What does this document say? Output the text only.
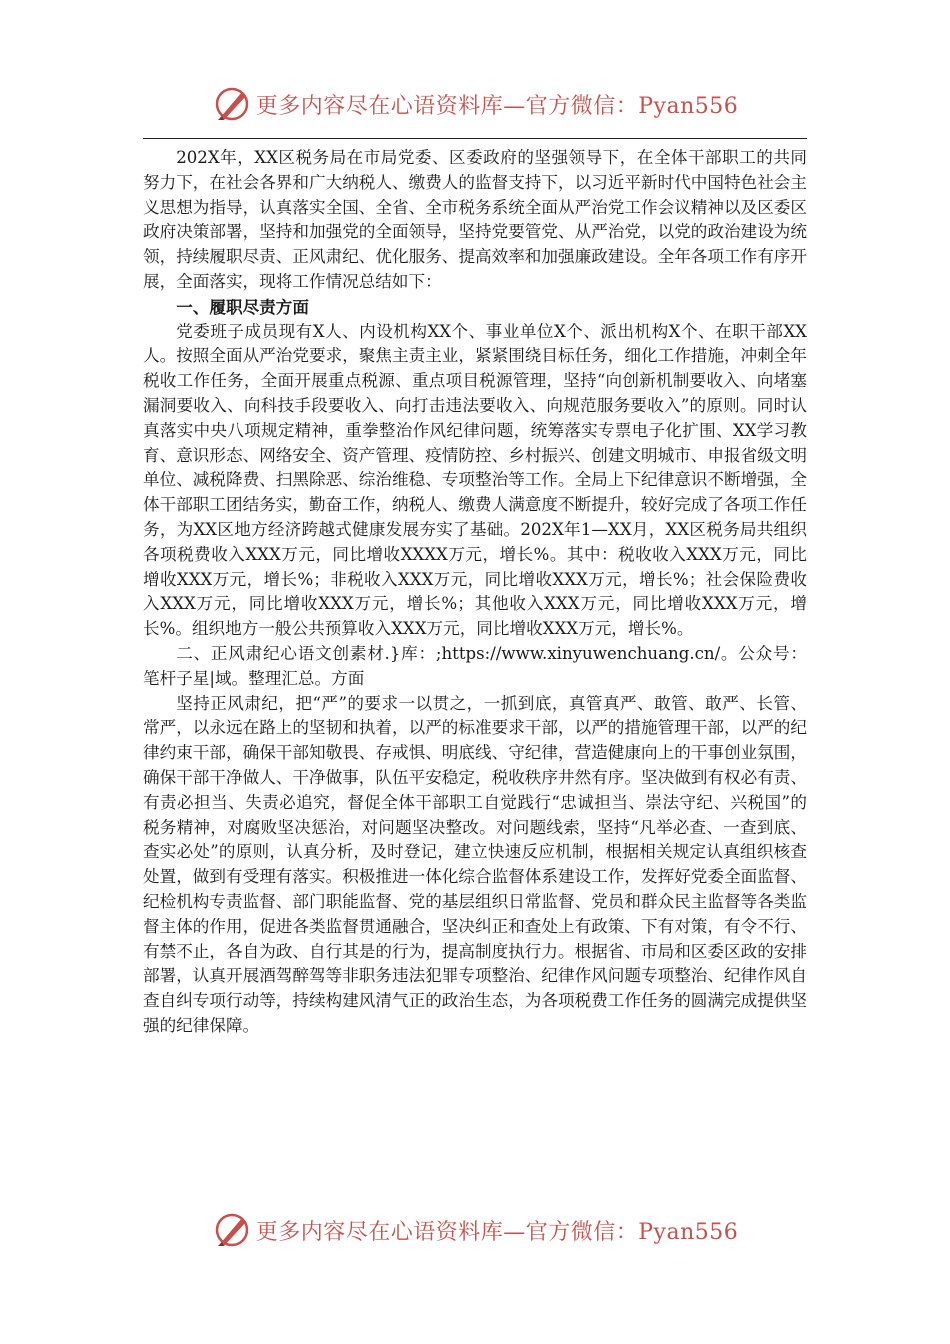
更多内容尽在心语资料库—官方微信：Pyan556

202X年，XX区税务局在市局党委、区委政府的坚强领导下，在全体干部职工的共同努力下，在社会各界和广大纳税人、缴费人的监督支持下，以习近平新时代中国特色社会主义思想为指导，认真落实全国、全省、全市税务系统全面从严治党工作会议精神以及区委区政府决策部署，坚持和加强党的全面领导，坚持党要管党、从严治党，以党的政治建设为统领，持续履职尽责、正风肃纪、优化服务、提高效率和加强廉政建设。全年各项工作有序开展，全面落实，现将工作情况总结如下：

一、履职尽责方面

党委班子成员现有X人、内设机构XX个、事业单位X个、派出机构X个、在职干部XX人。按照全面从严治党要求，聚焦主责主业，紧紧围绕目标任务，细化工作措施，冲刺全年税收工作任务，全面开展重点税源、重点项目税源管理，坚持“向创新机制要收入、向堵塞漏洞要收入、向科技手段要收入、向打击违法要收入、向规范服务要收入”的原则。同时认真落实中央八项规定精神，重拳整治作风纪律问题，统筹落实专票电子化扩围、XX学习教育、意识形态、网络安全、资产管理、疫情防控、乡村振兴、创建文明城市、申报省级文明单位、减税降费、扫黑除恶、综治维稳、专项整治等工作。全局上下纪律意识不断增强，全体干部职工团结务实，勤奋工作，纳税人、缴费人满意度不断提升，较好完成了各项工作任务，为XX区地方经济跨越式健康发展夯实了基础。202X年1—XX月，XX区税务局共组织各项税费收入XXX万元，同比增收XXXX万元，增长%。其中：税收收入XXX万元，同比增收XXX万元，增长%；非税收入XXX万元，同比增收XXX万元，增长%；社会保险费收入XXX万元，同比增收XXX万元，增长%；其他收入XXX万元，同比增收XXX万元，增长%。组织地方一般公共预算收入XXX万元，同比增收XXX万元，增长%。

二、正风肃纪心语文创素材.}库：;https://www.xinyuwenchuang.cn/。公众号：笔杆子星|域。整理汇总。方面

坚持正风肃纪，把“严”的要求一以贯之，一抓到底，真管真严、敢管、敢严、长管、常严，以永远在路上的坚韧和执着，以严的标准要求干部，以严的措施管理干部，以严的纪律约束干部，确保干部知敬畏、存戒惧、明底线、守纪律，营造健康向上的干事创业氛围，确保干部干净做人、干净做事，队伍平安稳定，税收秩序井然有序。坚决做到有权必有责、有责必担当、失责必追究，督促全体干部职工自觉践行“忠诚担当、崇法守纪、兴税国”的税务精神，对腐败坚决惩治，对问题坚决整改。对问题线索，坚持“凡举必查、一查到底、查实必处”的原则，认真分析，及时登记，建立快速反应机制，根据相关规定认真组织核查处置，做到有受理有落实。积极推进一体化综合监督体系建设工作，发挥好党委全面监督、纪检机构专责监督、部门职能监督、党的基层组织日常监督、党员和群众民主监督等各类监督主体的作用，促进各类监督贯通融合，坚决纠正和查处上有政策、下有对策，有令不行、有禁不止，各自为政、自行其是的行为，提高制度执行力。根据省、市局和区委区政的安排部署，认真开展酒驾醉驾等非职务违法犯罪专项整治、纪律作风问题专项整治、纪律作风自查自纠专项行动等，持续构建风清气正的政治生态，为各项税费工作任务的圆满完成提供坚强的纪律保障。

更多内容尽在心语资料库—官方微信：Pyan556
